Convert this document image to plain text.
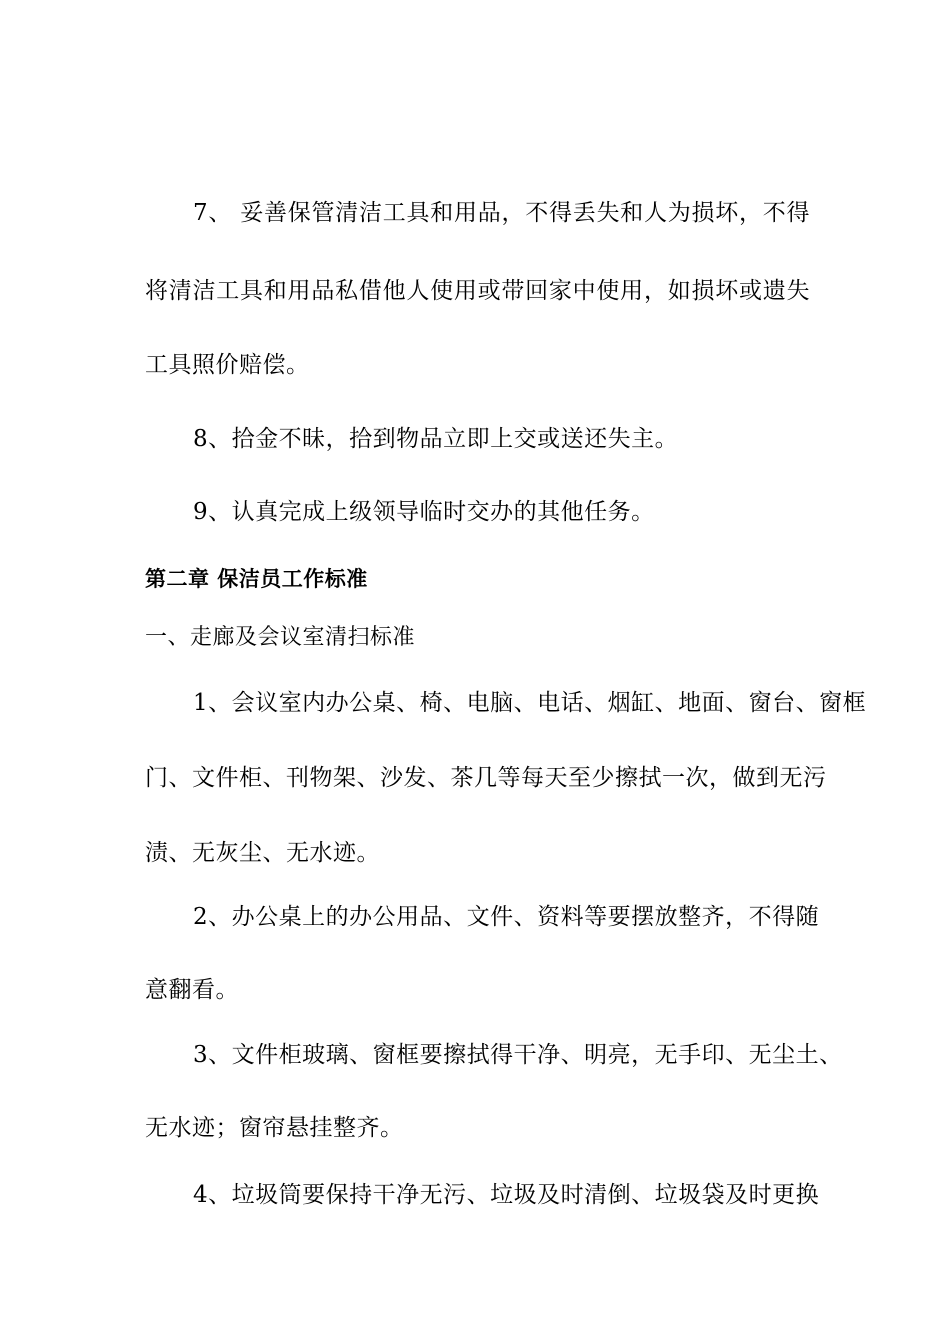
7、 妥善保管清洁工具和用品，不得丢失和人为损坏，不得
将清洁工具和用品私借他人使用或带回家中使用，如损坏或遗失
工具照价赔偿。
8、拾金不昧，拾到物品立即上交或送还失主。
9、认真完成上级领导临时交办的其他任务。
第二章 保洁员工作标准
一、走廊及会议室清扫标准
1、会议室内办公桌、椅、电脑、电话、烟缸、地面、窗台、窗框
门、文件柜、刊物架、沙发、茶几等每天至少擦拭一次，做到无污
渍、无灰尘、无水迹。
2、办公桌上的办公用品、文件、资料等要摆放整齐，不得随
意翻看。
3、文件柜玻璃、窗框要擦拭得干净、明亮，无手印、无尘土、
无水迹；窗帘悬挂整齐。
4、垃圾筒要保持干净无污、垃圾及时清倒、垃圾袋及时更换
